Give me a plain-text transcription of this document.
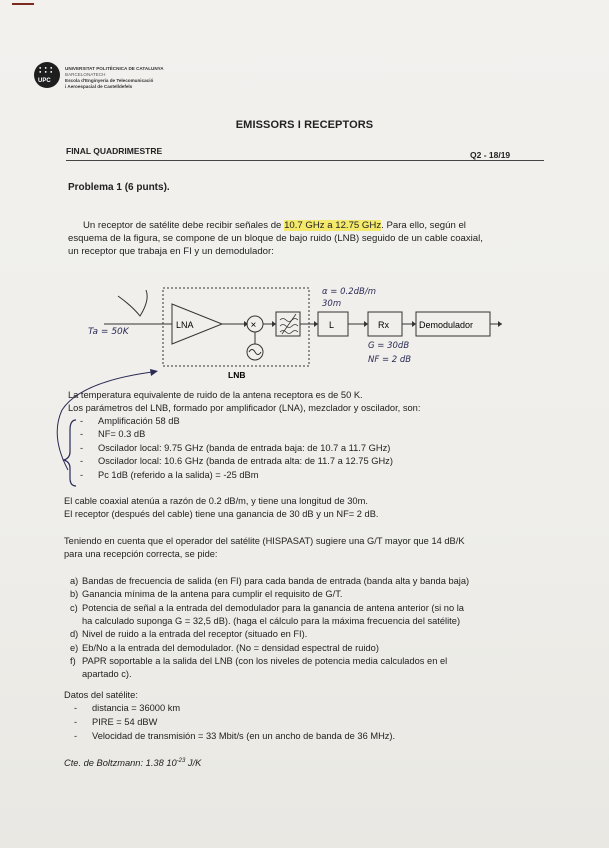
● ● ●
● ● ●
UPC
UNIVERSITAT POLITÈCNICA DE CATALUNYA
BARCELONATECH
Escola d'Enginyeria de Telecomunicació
i Aeroespacial de Castelldefels
EMISSORS I RECEPTORS
FINAL QUADRIMESTRE	Q2 - 18/19
Problema 1 (6 punts).
Un receptor de satélite debe recibir señales de 10.7 GHz a 12.75 GHz. Para ello, según el
esquema de la figura, se compone de un bloque de bajo ruido (LNB) seguido de un cable coaxial,
un receptor que trabaja en FI y un demodulador:
LNA	×	L	Rx	Demodulador
LNB
Ta = 50K
α = 0.2dB/m
30m
G = 30dB
NF = 2 dB
La temperatura equivalente de ruido de la antena receptora es de 50 K.
Los parámetros del LNB, formado por amplificador (LNA), mezclador y oscilador, son:
- Amplificación 58 dB
- NF= 0.3 dB
- Oscilador local: 9.75 GHz (banda de entrada baja: de 10.7 a 11.7 GHz)
- Oscilador local: 10.6 GHz (banda de entrada alta: de 11.7 a 12.75 GHz)
- Pc 1dB (referido a la salida) = -25 dBm
El cable coaxial atenúa a razón de 0.2 dB/m, y tiene una longitud de 30m.
El receptor (después del cable) tiene una ganancia de 30 dB y un NF= 2 dB.
Teniendo en cuenta que el operador del satélite (HISPASAT) sugiere una G/T mayor que 14 dB/K
para una recepción correcta, se pide:
a) Bandas de frecuencia de salida (en FI) para cada banda de entrada (banda alta y banda baja)
b) Ganancia mínima de la antena para cumplir el requisito de G/T.
c) Potencia de señal a la entrada del demodulador para la ganancia de antena anterior (si no la
ha calculado suponga G = 32,5 dB). (haga el cálculo para la máxima frecuencia del satélite)
d) Nivel de ruido a la entrada del receptor (situado en FI).
e) Eb/No a la entrada del demodulador. (No = densidad espectral de ruido)
f) PAPR soportable a la salida del LNB (con los niveles de potencia media calculados en el
apartado c).
Datos del satélite:
- distancia = 36000 km
- PIRE = 54 dBW
- Velocidad de transmisión = 33 Mbit/s (en un ancho de banda de 36 MHz).
Cte. de Boltzmann: 1.38 $10^{-23}$ J/K
